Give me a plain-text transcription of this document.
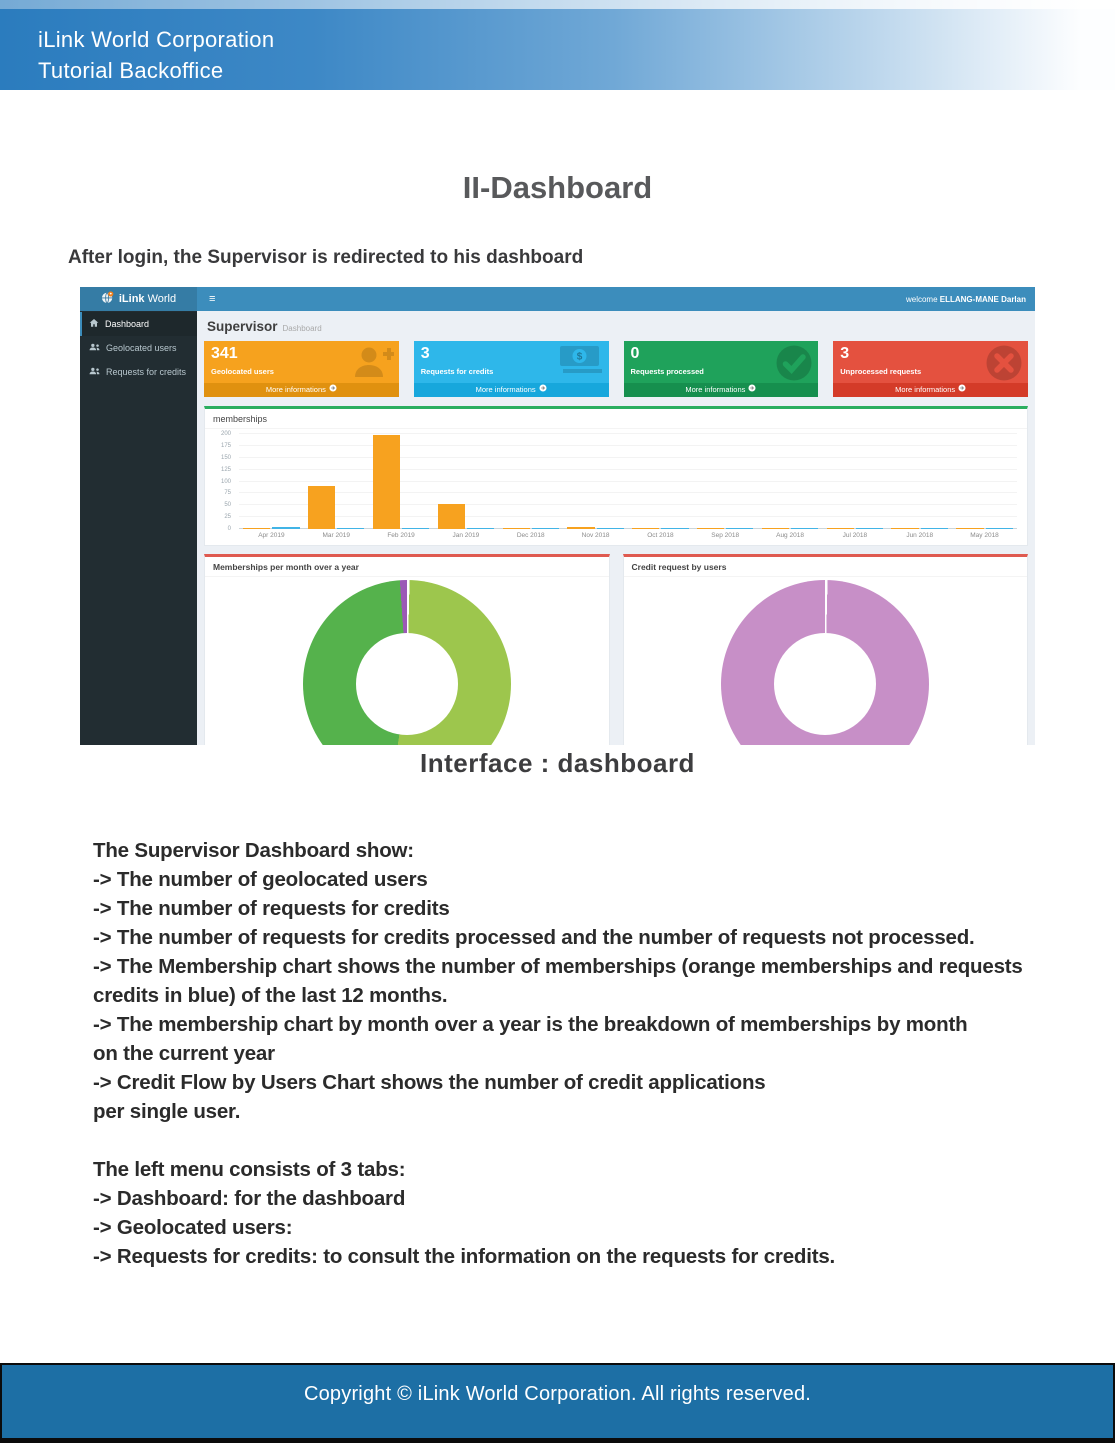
iLink World Corporation
Tutorial Backoffice
II-Dashboard
After login, the Supervisor is redirected to his dashboard
iLink World	≡	welcome ELLANG-MANE Darlan
Dashboard
Geolocated users
Requests for credits
Supervisor Dashboard
341
Geolocated users
More informations
3
Requests for credits
$
More informations
0
Requests processed
More informations
3
Unprocessed requests
More informations
memberships
0
25
50
75
100
125
150
175
200
Apr 2019	Mar 2019	Feb 2019	Jan 2019	Dec 2018	Nov 2018	Oct 2018	Sep 2018	Aug 2018	Jul 2018	Jun 2018	May 2018
Memberships per month over a year	Credit request by users
Interface : dashboard
The Supervisor Dashboard show:
-> The number of geolocated users
-> The number of requests for credits
-> The number of requests for credits processed and the number of requests not processed.
-> The Membership chart shows the number of memberships (orange memberships and requests
credits in blue) of the last 12 months.
-> The membership chart by month over a year is the breakdown of memberships by month
on the current year
-> Credit Flow by Users Chart shows the number of credit applications
per single user.
The left menu consists of 3 tabs:
-> Dashboard: for the dashboard
-> Geolocated users:
-> Requests for credits: to consult the information on the requests for credits.
Copyright © iLink World Corporation. All rights reserved.
